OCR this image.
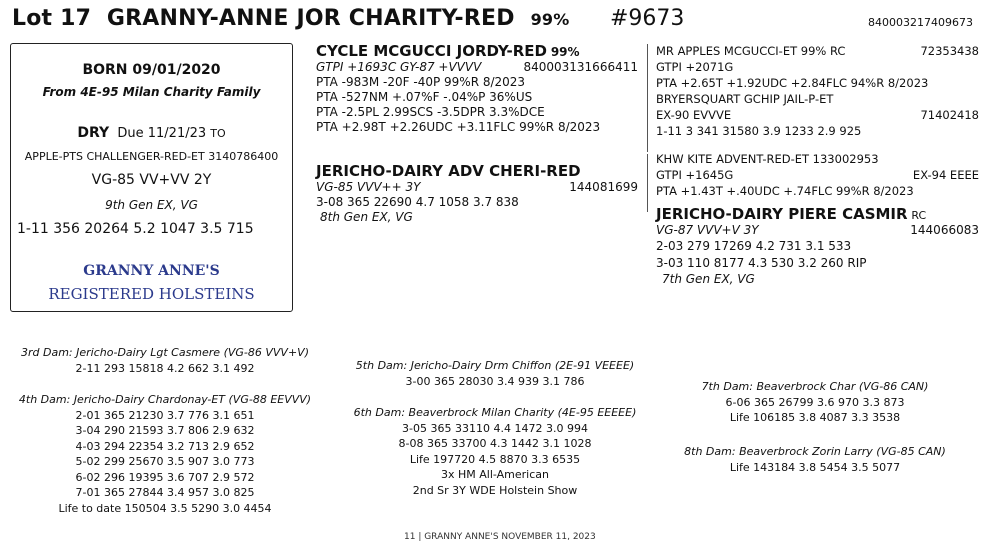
Lot 17 GRANNY-ANNE JOR CHARITY-RED 99% #9673	840003217409673
BORN 09/01/2020
From 4E-95 Milan Charity Family
DRY Due 11/21/23 TO
APPLE-PTS CHALLENGER-RED-ET 3140786400
VG-85 VV+VV 2Y
9th Gen EX, VG
1-11 356 20264 5.2 1047 3.5 715
GRANNY ANNE'S
REGISTERED HOLSTEINS
CYCLE MCGUCCI JORDY-RED 99%
GTPI +1693C GY-87 +VVVV	840003131666411
PTA -983M -20F -40P 99%R 8/2023
PTA -527NM +.07%F -.04%P 36%US
PTA -2.5PL 2.99SCS -3.5DPR 3.3%DCE
PTA +2.98T +2.26UDC +3.11FLC 99%R 8/2023
JERICHO-DAIRY ADV CHERI-RED
VG-85 VVV++ 3Y	144081699
3-08 365 22690 4.7 1058 3.7 838
8th Gen EX, VG
MR APPLES MCGUCCI-ET 99% RC	72353438
GTPI +2071G
PTA +2.65T +1.92UDC +2.84FLC 94%R 8/2023
BRYERSQUART GCHIP JAIL-P-ET
EX-90 EVVVE	71402418
1-11 3 341 31580 3.9 1233 2.9 925
KHW KITE ADVENT-RED-ET 133002953
GTPI +1645G	EX-94 EEEE
PTA +1.43T +.40UDC +.74FLC 99%R 8/2023
JERICHO-DAIRY PIERE CASMIR RC
VG-87 VVV+V 3Y	144066083
2-03 279 17269 4.2 731 3.1 533
3-03 110 8177 4.3 530 3.2 260 RIP
7th Gen EX, VG
3rd Dam: Jericho-Dairy Lgt Casmere (VG-86 VVV+V)
2-11 293 15818 4.2 662 3.1 492
4th Dam: Jericho-Dairy Chardonay-ET (VG-88 EEVVV)
2-01 365 21230 3.7 776 3.1 651
3-04 290 21593 3.7 806 2.9 632
4-03 294 22354 3.2 713 2.9 652
5-02 299 25670 3.5 907 3.0 773
6-02 296 19395 3.6 707 2.9 572
7-01 365 27844 3.4 957 3.0 825
Life to date 150504 3.5 5290 3.0 4454
5th Dam: Jericho-Dairy Drm Chiffon (2E-91 VEEEE)
3-00 365 28030 3.4 939 3.1 786
6th Dam: Beaverbrock Milan Charity (4E-95 EEEEE)
3-05 365 33110 4.4 1472 3.0 994
8-08 365 33700 4.3 1442 3.1 1028
Life 197720 4.5 8870 3.3 6535
3x HM All-American
2nd Sr 3Y WDE Holstein Show
7th Dam: Beaverbrock Char (VG-86 CAN)
6-06 365 26799 3.6 970 3.3 873
Life 106185 3.8 4087 3.3 3538
8th Dam: Beaverbrock Zorin Larry (VG-85 CAN)
Life 143184 3.8 5454 3.5 5077
11 | GRANNY ANNE'S NOVEMBER 11, 2023
